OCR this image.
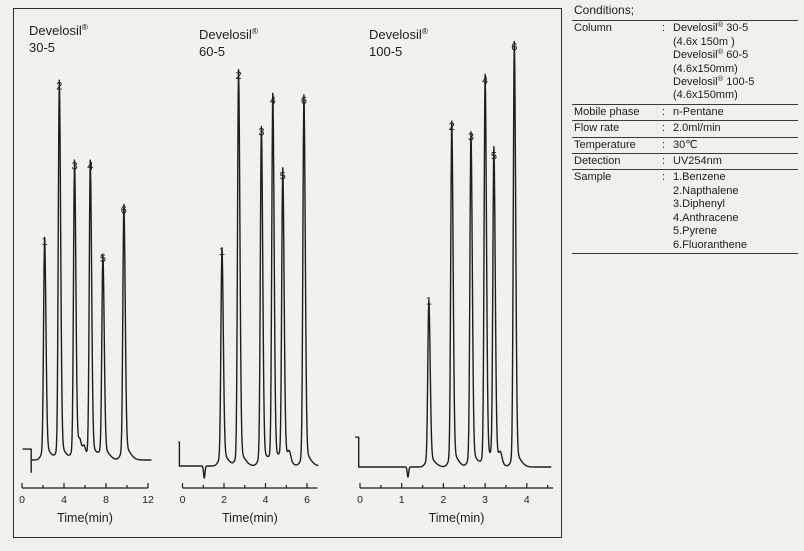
Develosil®
30-5
0	4	8	12
Time(min)
1
2
3 4
5
6
Develosil®
60-5
0	2	4	6
Time(min)
1
2
3
4
5
6
Develosil®
100-5
0	1	2	3	4
Time(min)
1
2
3
4
5
6
Conditions;
Column	: Develosil® 30-5
(4.6x 150m )
Develosil® 60-5
(4.6x150mm)
Develosil® 100-5
(4.6x150mm)
Mobile phase	: n-Pentane
Flow rate	: 2.0ml/min
Temperature	: 30℃
Detection	: UV254nm
Sample	: 1.Benzene
2.Napthalene
3.Diphenyl
4.Anthracene
5.Pyrene
6.Fluoranthene
